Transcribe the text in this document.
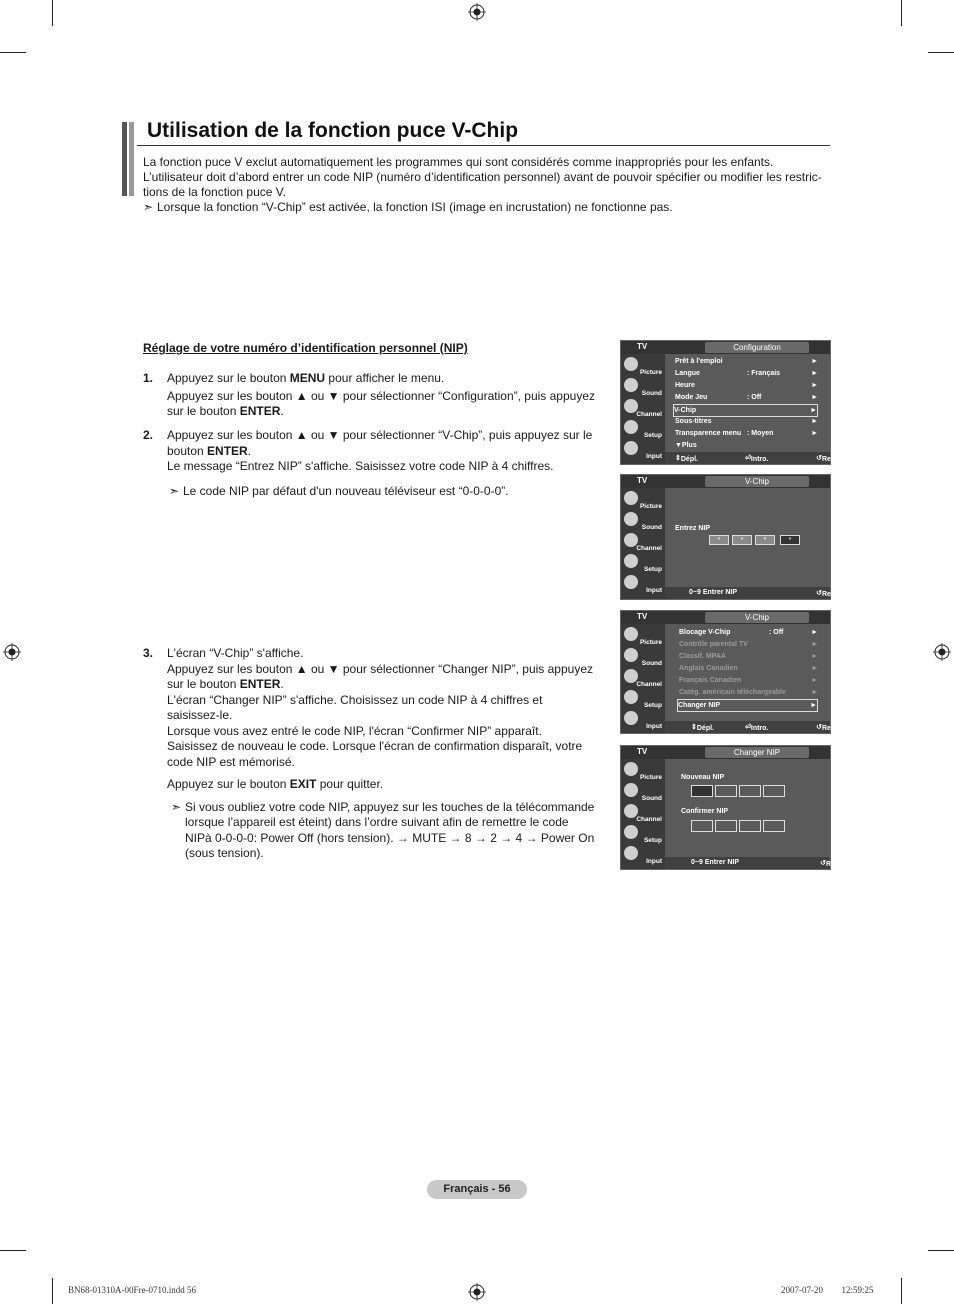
Utilisation de la fonction puce V-Chip

La fonction puce V exclut automatiquement les programmes qui sont considérés comme inappropriés pour les enfants. L’utilisateur doit d’abord entrer un code NIP (numéro d’identification personnel) avant de pouvoir spécifier ou modifier les restric-tions de la fonction puce V.

➣ Lorsque la fonction “V-Chip” est activée, la fonction ISI (image en incrustation) ne fonctionne pas.

Réglage de votre numéro d’identification personnel (NIP)
1. Appuyez sur le bouton MENU pour afficher le menu.

Appuyez sur les bouton ▲ ou ▼ pour sélectionner “Configuration”, puis appuyez sur le bouton ENTER.

2. Appuyez sur les bouton ▲ ou ▼ pour sélectionner “V-Chip”, puis appuyez sur le bouton ENTER.

Le message “Entrez NIP” s'affiche. Saisissez votre code NIP à 4 chiffres.

➣ Le code NIP par défaut d'un nouveau téléviseur est “0-0-0-0”.

3. L'écran “V-Chip” s'affiche.

Appuyez sur les bouton ▲ ou ▼ pour sélectionner “Changer NIP”, puis appuyez sur le bouton ENTER.

L'écran “Changer NIP” s'affiche. Choisissez un code NIP à 4 chiffres et saisissez-le.

Lorsque vous avez entré le code NIP, l'écran “Confirmer NIP” apparaît.

Saisissez de nouveau le code. Lorsque l'écran de confirmation disparaît, votre code NIP est mémorisé.

Appuyez sur le bouton EXIT pour quitter.

➣ Si vous oubliez votre code NIP, appuyez sur les touches de la télécommande lorsque l’appareil est éteint) dans l’ordre suivant afin de remettre le code NIPà 0-0-0-0: Power Off (hors tension). → MUTE → 8 → 2 → 4 → Power On (sous tension).
TV	Configuration
Picture
Sound
Channel
Setup
Input
Prêt à l'emploi	►
Langue	: Français	►
Heure	►
Mode Jeu	: Off	►
V-Chip	►
Sous-titres	►
Transparence menu : Moyen	►
▼Plus
⇕ Dépl.	⏎ Intro.	↺ Retour
TV	V-Chip
Picture
Sound
Channel
Setup
Input
Entrez NIP
*	*	*	*
0~9 Entrer NIP	↺ Retour
TV	V-Chip
Picture
Sound
Channel
Setup
Input
Blocage V-Chip	: Off	►
Contrôle parental TV	►
Classif. MPAA	►
Anglais Canadien	►
Français Canadien	►
Catég. américain téléchargeable	►
Changer NIP	►
⇕ Dépl.	⏎ Intro.	↺ Retour
TV	Changer NIP
Picture
Sound
Channel
Setup
Input
Nouveau NIP
Confirmer NIP
0~9 Entrer NIP	↺ Retour
Français - 56
BN68-01310A-00Fre-0710.indd 56	2007-07-20    12:59:25
